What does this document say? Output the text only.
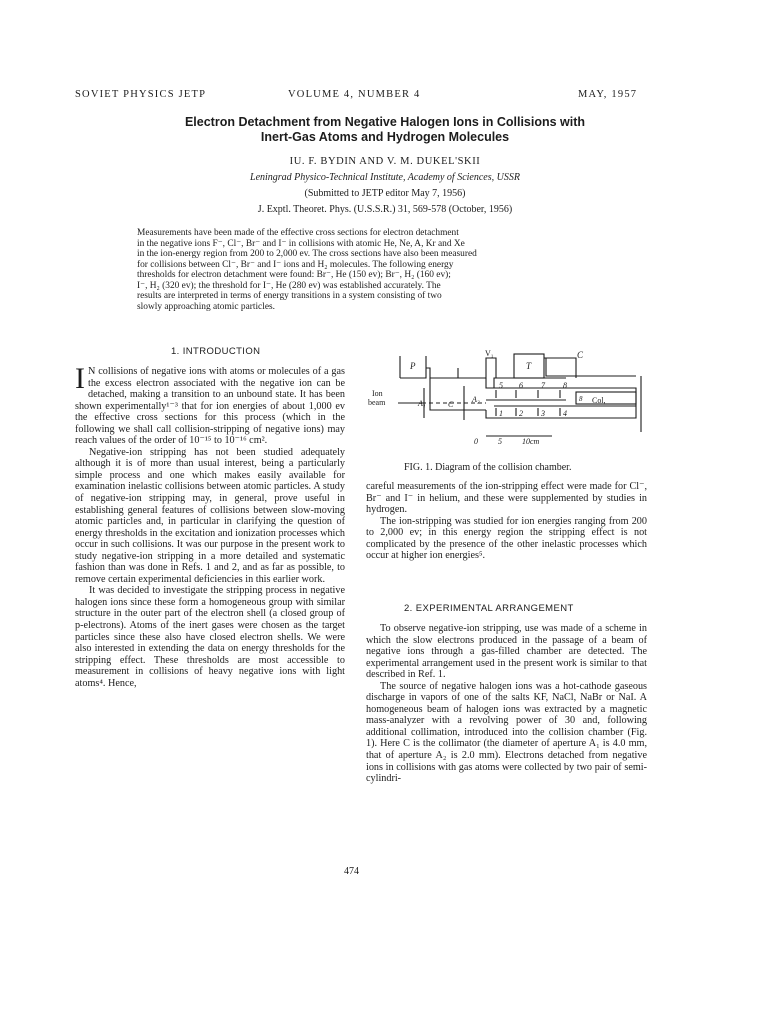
SOVIET PHYSICS JETP	VOLUME 4, NUMBER 4	MAY, 1957
Electron Detachment from Negative Halogen Ions in Collisions with
Inert-Gas Atoms and Hydrogen Molecules
IU. F. BYDIN AND V. M. DUKEL'SKII
Leningrad Physico-Technical Institute, Academy of Sciences, USSR
(Submitted to JETP editor May 7, 1956)
J. Exptl. Theoret. Phys. (U.S.S.R.) 31, 569-578 (October, 1956)
Measurements have been made of the effective cross sections for electron detachment
in the negative ions F⁻, Cl⁻, Br⁻ and I⁻ in collisions with atomic He, Ne, A, Kr and Xe
in the ion-energy region from 200 to 2,000 ev. The cross sections have also been measured
for collisions between Cl⁻, Br⁻ and I⁻ ions and H₂ molecules. The following energy
thresholds for electron detachment were found: Br⁻, He (150 ev); Br⁻, H₂ (160 ev);
I⁻, H₂ (320 ev); the threshold for I⁻, He (280 ev) was established accurately. The
results are interpreted in terms of energy transitions in a system consisting of two
slowly approaching atomic particles.
1. INTRODUCTION

I N collisions of negative ions with atoms or molecules of a gas the excess electron associated with the negative ion can be detached, making a transition to an unbound state. It has been shown experimentally¹⁻³ that for ion energies of about 1,000 ev the effective cross sections for this process (which in the following we shall call collision-stripping of negative ions) may reach values of the order of 10⁻¹⁵ to 10⁻¹⁶ cm².

Negative-ion stripping has not been studied adequately although it is of more than usual interest, being a particularly simple process and one which makes easily available for examination inelastic collisions between atomic particles. A study of negative-ion stripping may, in general, prove useful in establishing general features of collisions between slow-moving atomic particles and, in particular in clarifying the question of energy thresholds in the excitation and ionization processes which occur in such collisions. It was our purpose in the present work to study negative-ion stripping in a more detailed and systematic fashion than was done in Refs. 1 and 2, and as far as possible, to remove certain experimental deficiencies in this earlier work.

It was decided to investigate the stripping process in negative halogen ions since these form a homogeneous group with similar structure in the outer part of the electron shell (a closed group of p-electrons). Atoms of the inert gases were chosen as the target particles since these also have closed electron shells. We were also interested in extending the data on energy thresholds for the stripping effect. These thresholds are most accessible to measurement in collisions of heavy negative ions with light atoms⁴. Hence,

P
V₁
T
C
Ion
beam	A₁	C
A₂
5 6 7 8
1 2 3 4
8 Col,
0	5	10cm
FIG. 1. Diagram of the collision chamber.

careful measurements of the ion-stripping effect were made for Cl⁻, Br⁻ and I⁻ in helium, and these were supplemented by studies in hydrogen.

The ion-stripping was studied for ion energies ranging from 200 to 2,000 ev; in this energy region the stripping effect is not complicated by the presence of the other inelastic processes which occur at higher ion energies⁵.

2. EXPERIMENTAL ARRANGEMENT

To observe negative-ion stripping, use was made of a scheme in which the slow electrons produced in the passage of a beam of negative ions through a gas-filled chamber are detected. The experimental arrangement used in the present work is similar to that described in Ref. 1.

The source of negative halogen ions was a hot-cathode gaseous discharge in vapors of one of the salts KF, NaCl, NaBr or NaI. A homogeneous beam of halogen ions was extracted by a magnetic mass-analyzer with a revolving power of 30 and, following additional collimation, introduced into the collision chamber (Fig. 1). Here C is the collimator (the diameter of aperture A₁ is 4.0 mm, that of aperture A₂ is 2.0 mm). Electrons detached from negative ions in collisions with gas atoms were collected by two pair of semi-cylindri-

474
